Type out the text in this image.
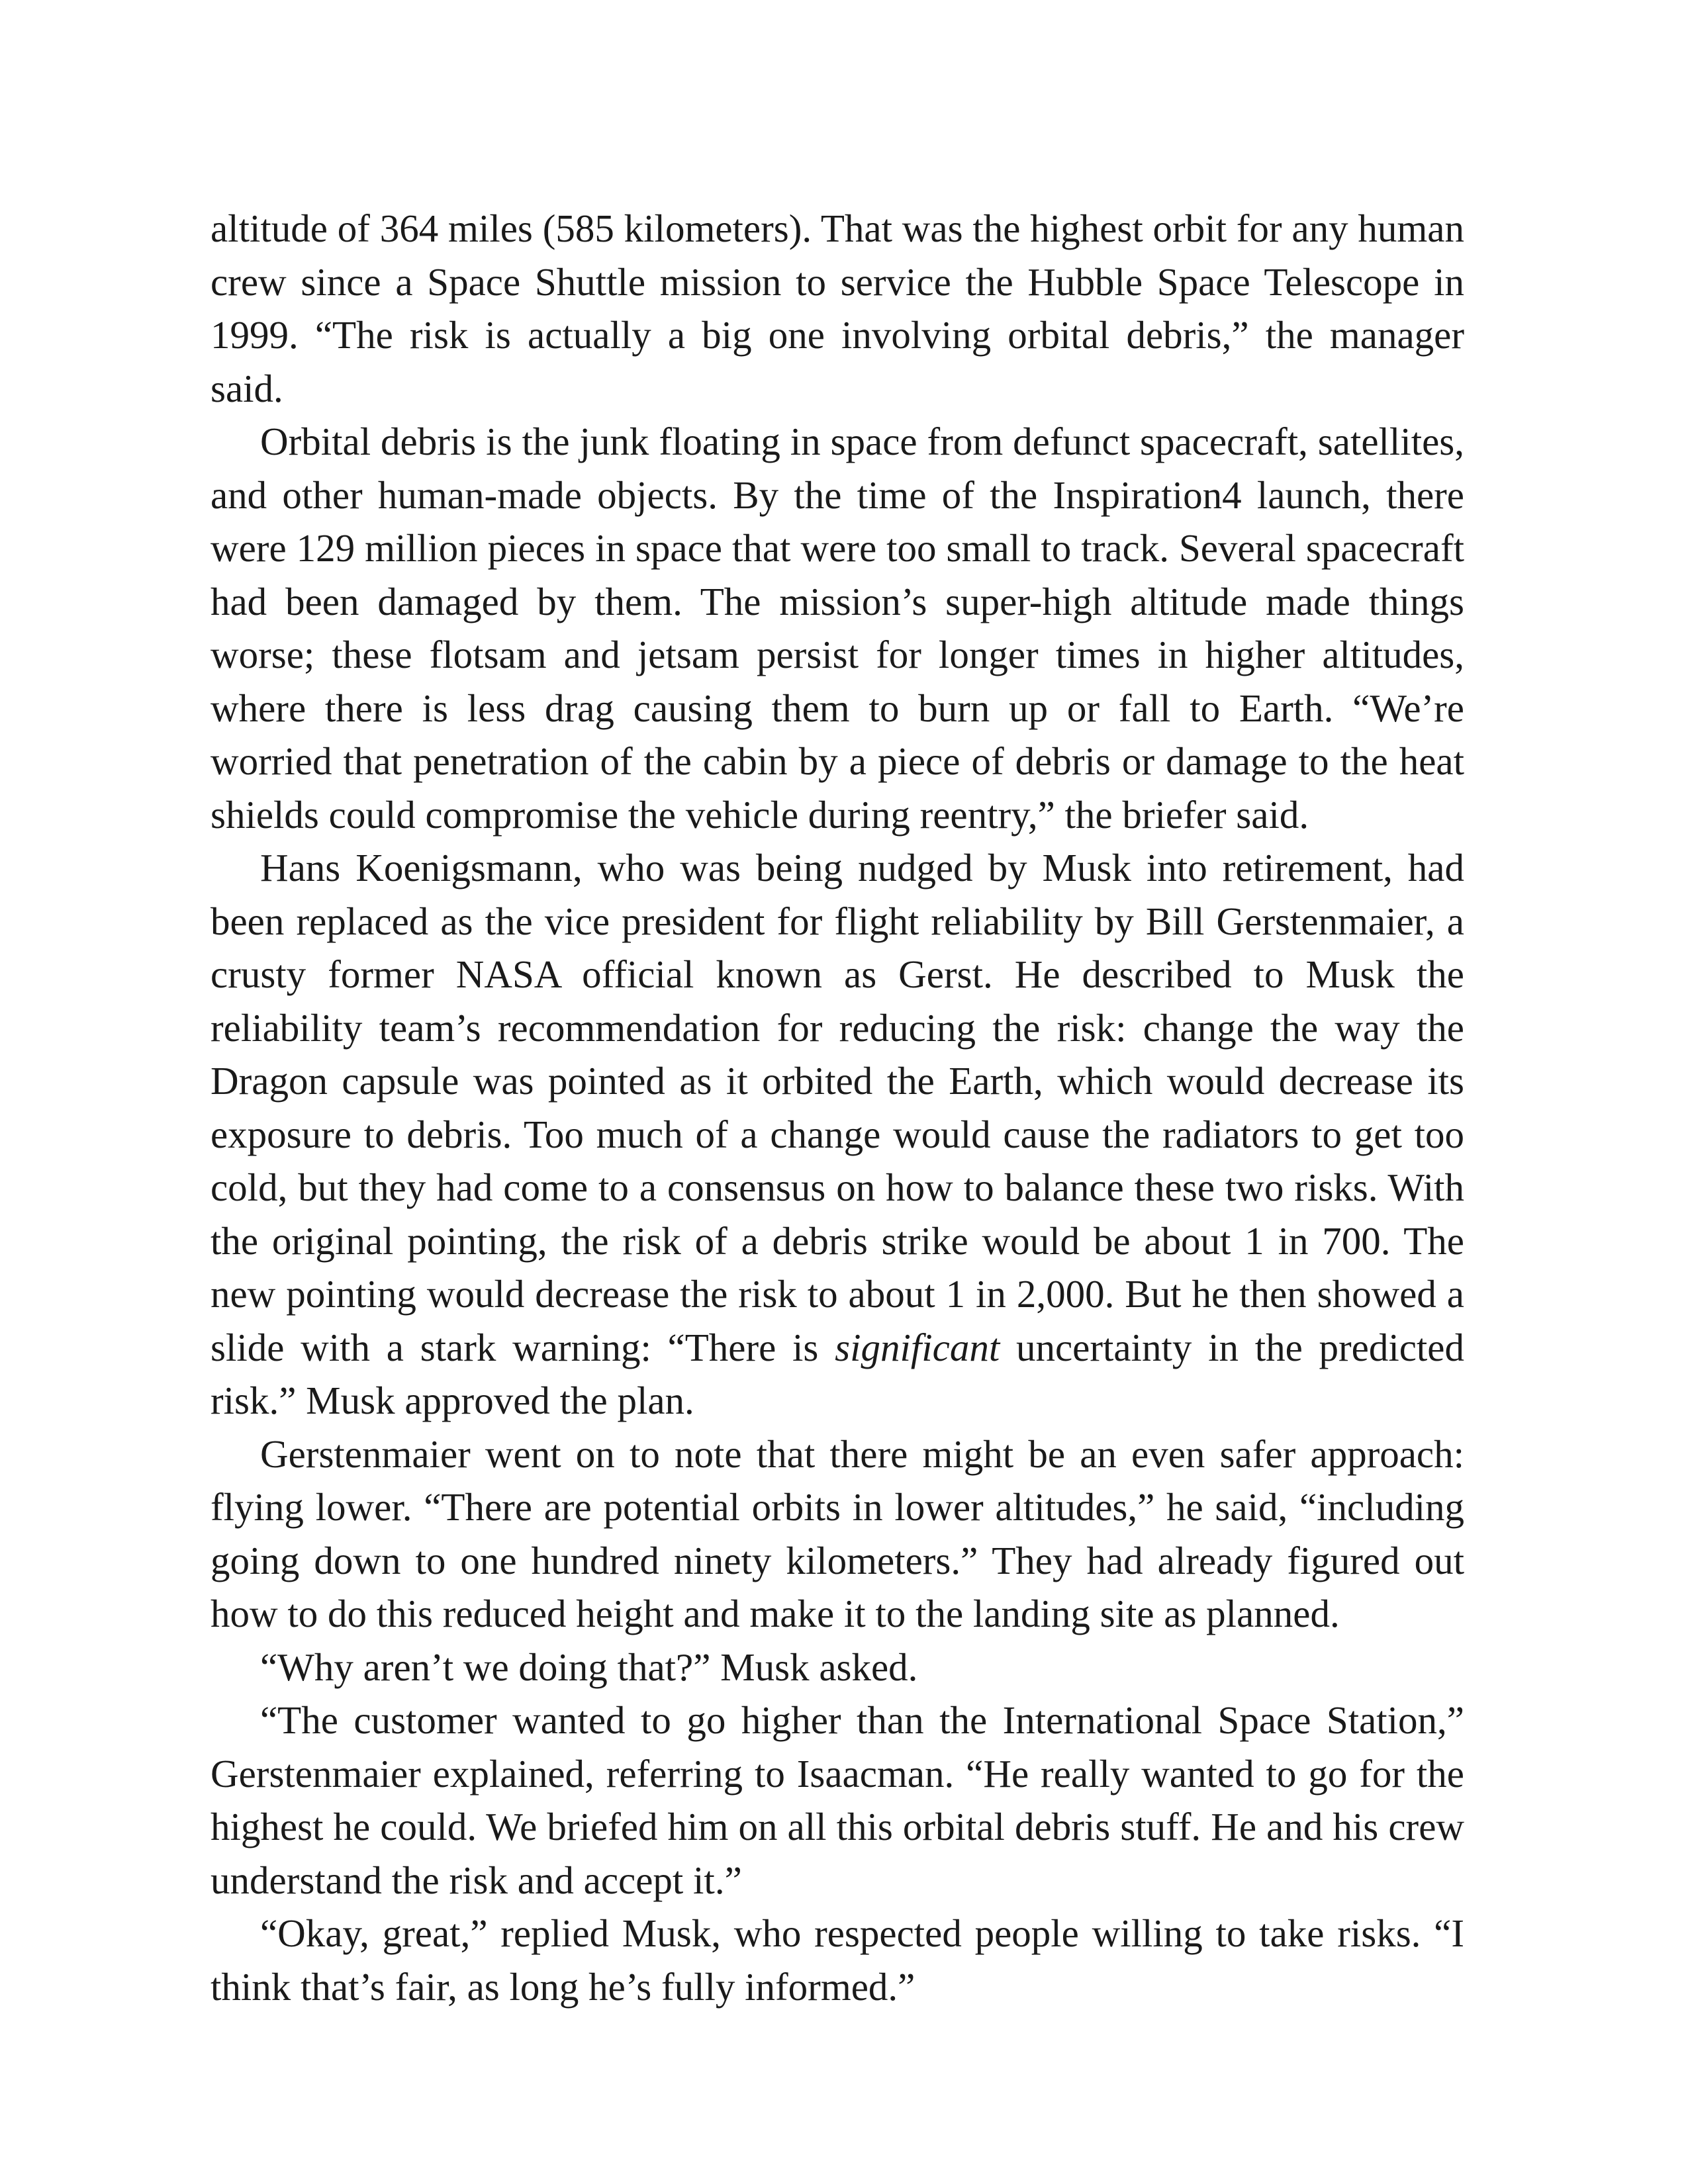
altitude of 364 miles (585 kilometers). That was the highest orbit for any human crew since a Space Shuttle mission to service the Hubble Space Telescope in 1999. “The risk is actually a big one involving orbital debris,” the manager said.

Orbital debris is the junk floating in space from defunct spacecraft, satellites, and other human-made objects. By the time of the Inspiration4 launch, there were 129 million pieces in space that were too small to track. Several spacecraft had been damaged by them. The mission’s super-high altitude made things worse; these flotsam and jetsam persist for longer times in higher altitudes, where there is less drag causing them to burn up or fall to Earth. “We’re worried that penetration of the cabin by a piece of debris or damage to the heat shields could compromise the vehicle during reentry,” the briefer said.

Hans Koenigsmann, who was being nudged by Musk into retirement, had been replaced as the vice president for flight reliability by Bill Gerstenmaier, a crusty former NASA official known as Gerst. He described to Musk the reliability team’s recommendation for reducing the risk: change the way the Dragon capsule was pointed as it orbited the Earth, which would decrease its exposure to debris. Too much of a change would cause the radiators to get too cold, but they had come to a consensus on how to balance these two risks. With the original pointing, the risk of a debris strike would be about 1 in 700. The new pointing would decrease the risk to about 1 in 2,000. But he then showed a slide with a stark warning: “There is significant uncertainty in the predicted risk.” Musk approved the plan.

Gerstenmaier went on to note that there might be an even safer approach: flying lower. “There are potential orbits in lower altitudes,” he said, “including going down to one hundred ninety kilometers.” They had already figured out how to do this reduced height and make it to the landing site as planned.

“Why aren’t we doing that?” Musk asked.

“The customer wanted to go higher than the International Space Station,” Gerstenmaier explained, referring to Isaacman. “He really wanted to go for the highest he could. We briefed him on all this orbital debris stuff. He and his crew understand the risk and accept it.”

“Okay, great,” replied Musk, who respected people willing to take risks. “I think that’s fair, as long he’s fully informed.”
